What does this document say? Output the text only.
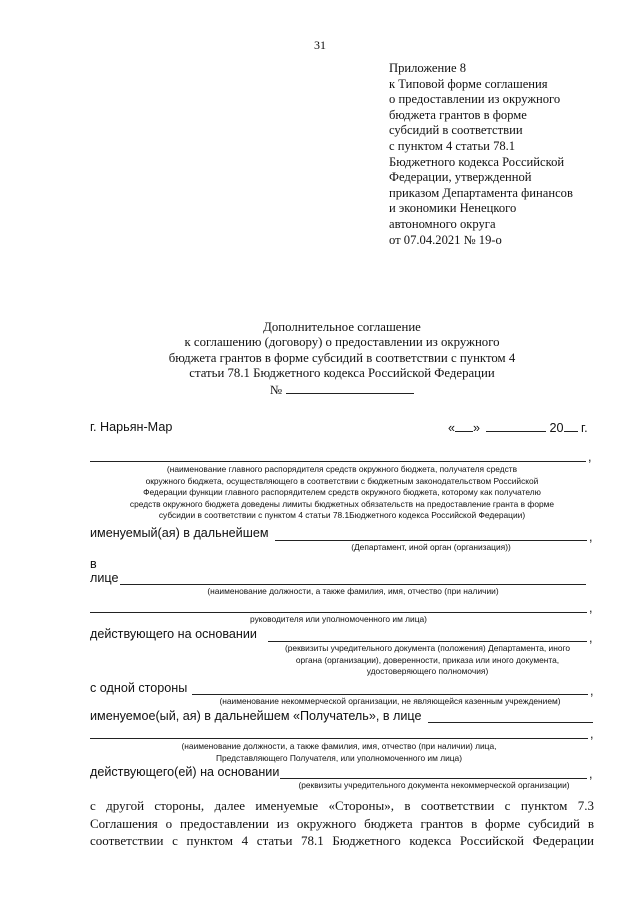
31
Приложение 8
к Типовой форме соглашения
о предоставлении из окружного
бюджета грантов в форме
субсидий в соответствии
с пунктом 4 статьи 78.1
Бюджетного кодекса Российской
Федерации, утвержденной
приказом Департамента финансов
и экономики Ненецкого
автономного округа
от 07.04.2021 № 19-о
Дополнительное соглашение
к соглашению (договору) о предоставлении из окружного
бюджета грантов в форме субсидий в соответствии с пунктом 4
статьи 78.1 Бюджетного кодекса Российской Федерации
№
г. Нарьян-Мар	« »	20 г.
,
(наименование главного распорядителя средств окружного бюджета, получателя средств
окружного бюджета, осуществляющего в соответствии с бюджетным законодательством Российской
Федерации функции главного распорядителем средств окружного бюджета, которому как получателю
средств окружного бюджета доведены лимиты бюджетных обязательств на предоставление гранта в форме
субсидии в соответствии с пунктом 4 статьи 78.1Бюджетного кодекса Российской Федерации)
именуемый(ая) в дальнейшем	,
(Департамент, иной орган (организация))
в
лице
(наименование должности, а также фамилия, имя, отчество (при наличии)
,
руководителя или уполномоченного им лица)
действующего на основании	,
(реквизиты учредительного документа (положения) Департамента, иного
органа (организации), доверенности, приказа или иного документа,
удостоверяющего полномочия)
с одной стороны	,
(наименование некоммерческой организации, не являющейся казенным учреждением)
именуемое(ый, ая) в дальнейшем «Получатель», в лице
,
(наименование должности, а также фамилия, имя, отчество (при наличии) лица,
Представляющего Получателя, или уполномоченного им лица)
действующего(ей) на основании	,
(реквизиты учредительного документа некоммерческой организации)
с другой стороны, далее именуемые «Стороны», в соответствии с пунктом 7.3
Соглашения о предоставлении из окружного бюджета грантов в форме субсидий в
соответствии с пунктом 4 статьи 78.1 Бюджетного кодекса Российской Федерации
